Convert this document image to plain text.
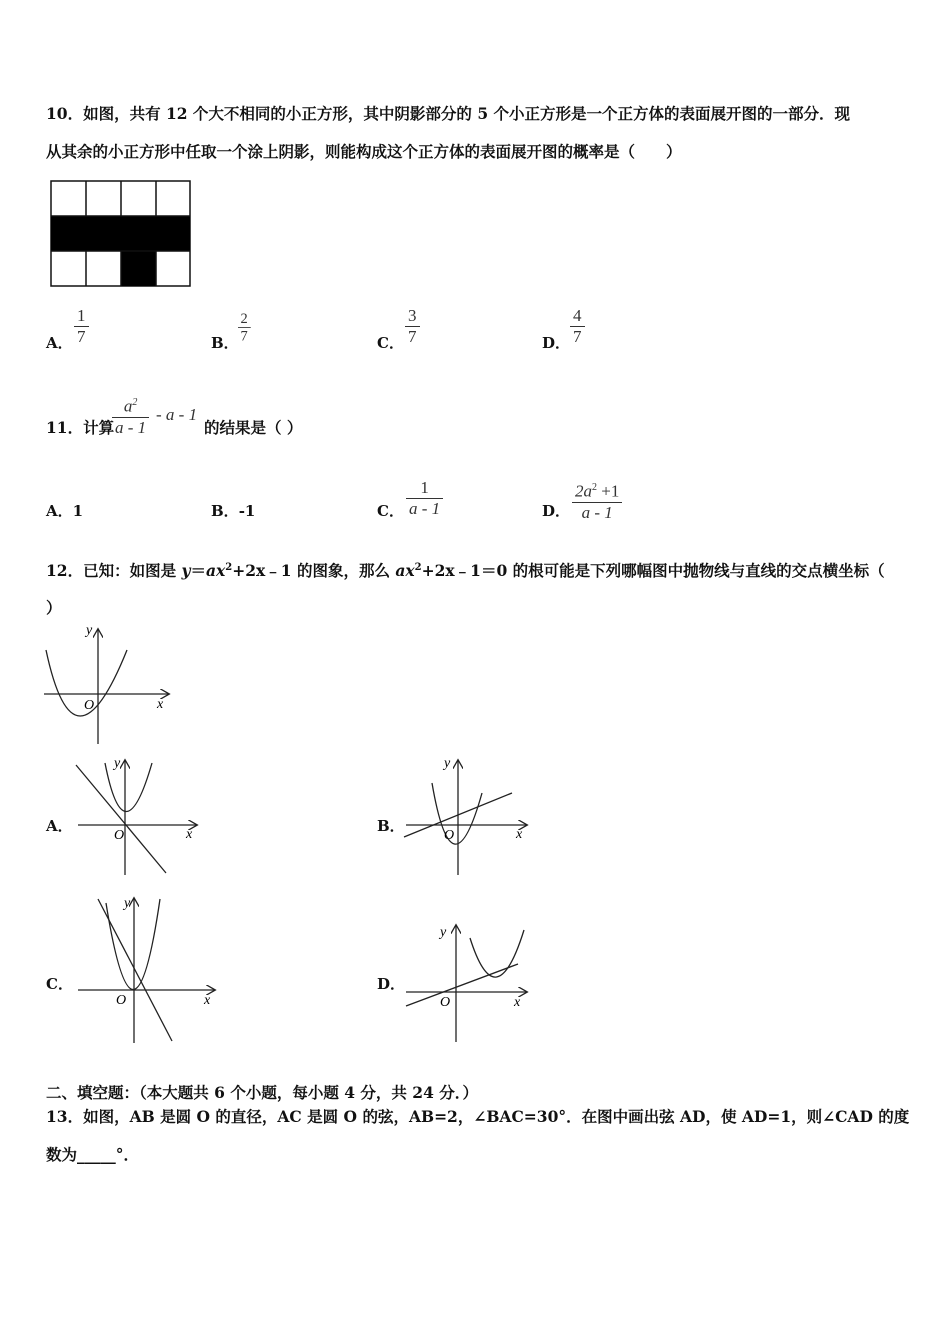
10．如图，共有 12 个大不相同的小正方形，其中阴影部分的 5 个小正方形是一个正方体的表面展开图的一部分．现
从其余的小正方形中任取一个涂上阴影，则能构成这个正方体的表面展开图的概率是（　　）
A．
1
7	B．
2
7	C．
3
7	D．
4
7
11．计算
$a^2$
a - 1
- a - 1
的结果是（ ）
A．1	B．-1	C．
1
a - 1	D．
$2a^2 +1$
a - 1
12．已知：如图是 $y=ax^2+2x﹣1$ 的图象，那么 $ax^2+2x﹣1=0$ 的根可能是下列哪幅图中抛物线与直线的交点横坐标（
）
y
x
O
A．
y
x
O
B．
y
x
O
C．
y
x
O
D．
y
x
O
二、填空题：（本大题共 6 个小题，每小题 4 分，共 24 分．）
13．如图，AB 是圆 O 的直径，AC 是圆 O 的弦，AB=2，∠BAC=30°．在图中画出弦 AD，使 AD=1，则∠CAD 的度
数为_____°．
